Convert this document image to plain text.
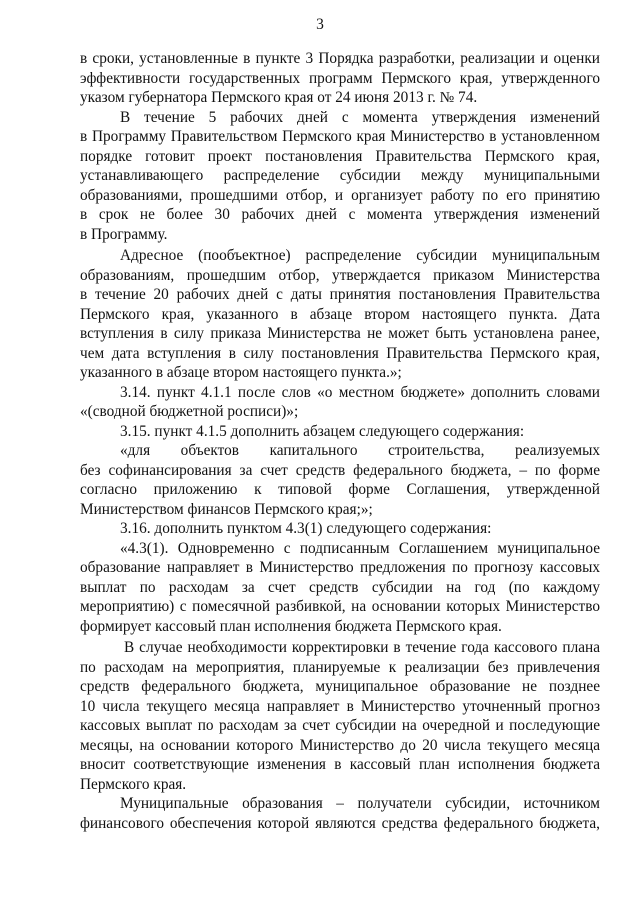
3
в сроки, установленные в пункте 3 Порядка разработки, реализации и оценки
эффективности государственных программ Пермского края, утвержденного
указом губернатора Пермского края от 24 июня 2013 г. № 74.
В течение 5 рабочих дней с момента утверждения изменений
в Программу Правительством Пермского края Министерство в установленном
порядке готовит проект постановления Правительства Пермского края,
устанавливающего распределение субсидии между муниципальными
образованиями, прошедшими отбор, и организует работу по его принятию
в срок не более 30 рабочих дней с момента утверждения изменений
в Программу.
Адресное (пообъектное) распределение субсидии муниципальным
образованиям, прошедшим отбор, утверждается приказом Министерства
в течение 20 рабочих дней с даты принятия постановления Правительства
Пермского края, указанного в абзаце втором настоящего пункта. Дата
вступления в силу приказа Министерства не может быть установлена ранее,
чем дата вступления в силу постановления Правительства Пермского края,
указанного в абзаце втором настоящего пункта.»;
3.14. пункт 4.1.1 после слов «о местном бюджете» дополнить словами
«(сводной бюджетной росписи)»;
3.15. пункт 4.1.5 дополнить абзацем следующего содержания:
«для объектов капитального строительства, реализуемых
без софинансирования за счет средств федерального бюджета, – по форме
согласно приложению к типовой форме Соглашения, утвержденной
Министерством финансов Пермского края;»;
3.16. дополнить пунктом 4.3(1) следующего содержания:
«4.3(1). Одновременно с подписанным Соглашением муниципальное
образование направляет в Министерство предложения по прогнозу кассовых
выплат по расходам за счет средств субсидии на год (по каждому
мероприятию) с помесячной разбивкой, на основании которых Министерство
формирует кассовый план исполнения бюджета Пермского края.
В случае необходимости корректировки в течение года кассового плана
по расходам на мероприятия, планируемые к реализации без привлечения
средств федерального бюджета, муниципальное образование не позднее
10 числа текущего месяца направляет в Министерство уточненный прогноз
кассовых выплат по расходам за счет субсидии на очередной и последующие
месяцы, на основании которого Министерство до 20 числа текущего месяца
вносит соответствующие изменения в кассовый план исполнения бюджета
Пермского края.
Муниципальные образования – получатели субсидии, источником
финансового обеспечения которой являются средства федерального бюджета,
